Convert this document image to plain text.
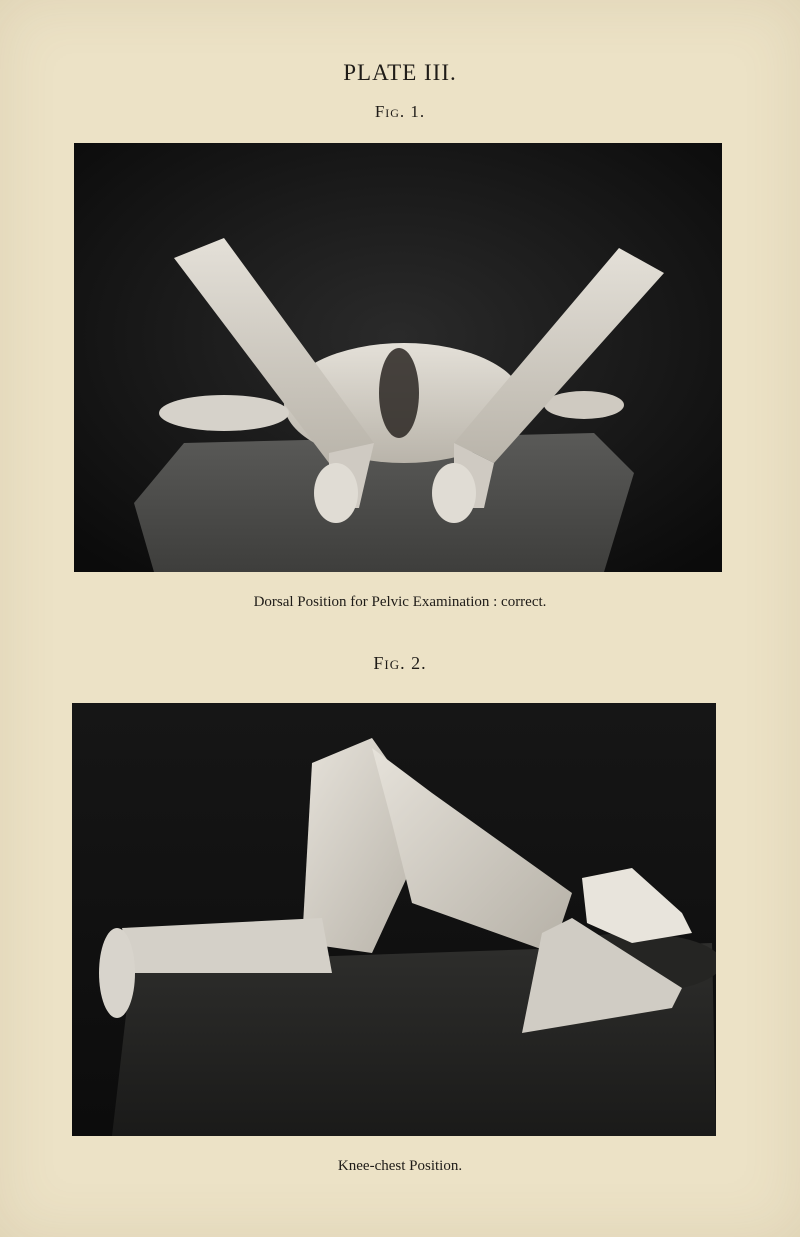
PLATE III.
Fig. 1.
Dorsal Position for Pelvic Examination : correct.
Fig. 2.
Knee-chest Position.
